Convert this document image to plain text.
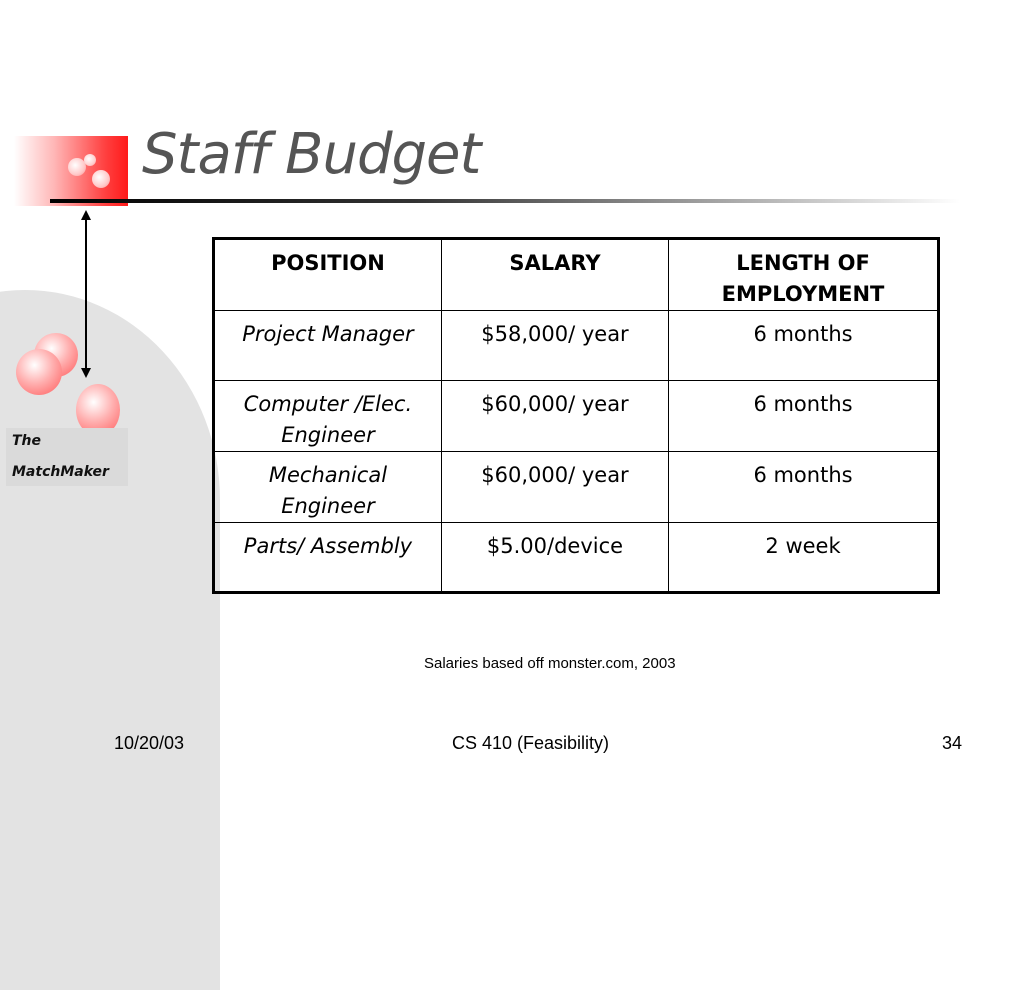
The
MatchMaker
Staff Budget
POSITION	SALARY	LENGTH OF
EMPLOYMENT
Project Manager	$58,000/ year	6 months
Computer /Elec. Engineer	$60,000/ year	6 months
Mechanical Engineer	$60,000/ year	6 months
Parts/ Assembly	$5.00/device	2 week
Salaries based off monster.com, 2003
10/20/03	CS 410 (Feasibility)	34
